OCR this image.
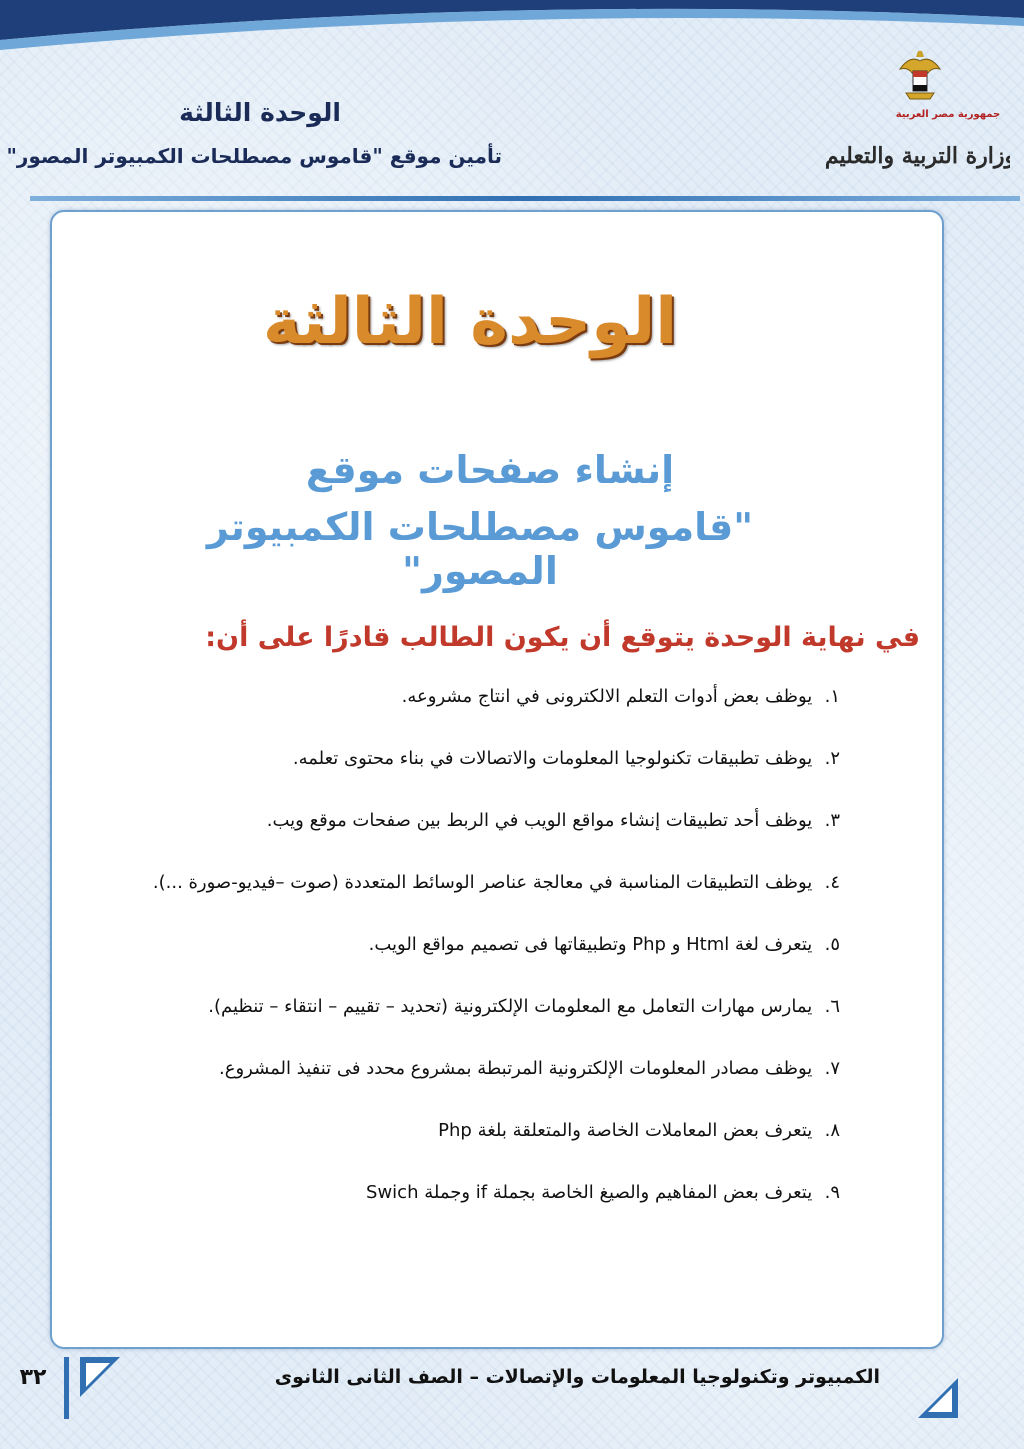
الوحدة الثالثة
تأمين موقع "قاموس مصطلحات الكمبيوتر المصور"
جمهورية مصر العربية
وزارة التربية والتعليم
الوحدة الثالثة
إنشاء صفحات موقع
"قاموس مصطلحات الكمبيوتر المصور"
في نهاية الوحدة يتوقع أن يكون الطالب قادرًا على أن:
١. يوظف بعض أدوات التعلم الالكترونى في انتاج مشروعه.
٢. يوظف تطبيقات تكنولوجيا المعلومات والاتصالات في بناء محتوى تعلمه.
٣. يوظف أحد تطبيقات إنشاء مواقع الويب في الربط بين صفحات موقع ويب.
٤. يوظف التطبيقات المناسبة في معالجة عناصر الوسائط المتعددة (صوت –فيديو-صورة ...).
٥. يتعرف لغة Html و Php وتطبيقاتها فى تصميم مواقع الويب.
٦. يمارس مهارات التعامل مع المعلومات الإلكترونية (تحديد – تقييم – انتقاء – تنظيم).
٧. يوظف مصادر المعلومات الإلكترونية المرتبطة بمشروع محدد فى تنفيذ المشروع.
٨. يتعرف بعض المعاملات الخاصة والمتعلقة بلغة Php
٩. يتعرف بعض المفاهيم والصيغ الخاصة بجملة if وجملة Swich
٣٢	الكمبيوتر وتكنولوجيا المعلومات والإتصالات – الصف الثانى الثانوى
